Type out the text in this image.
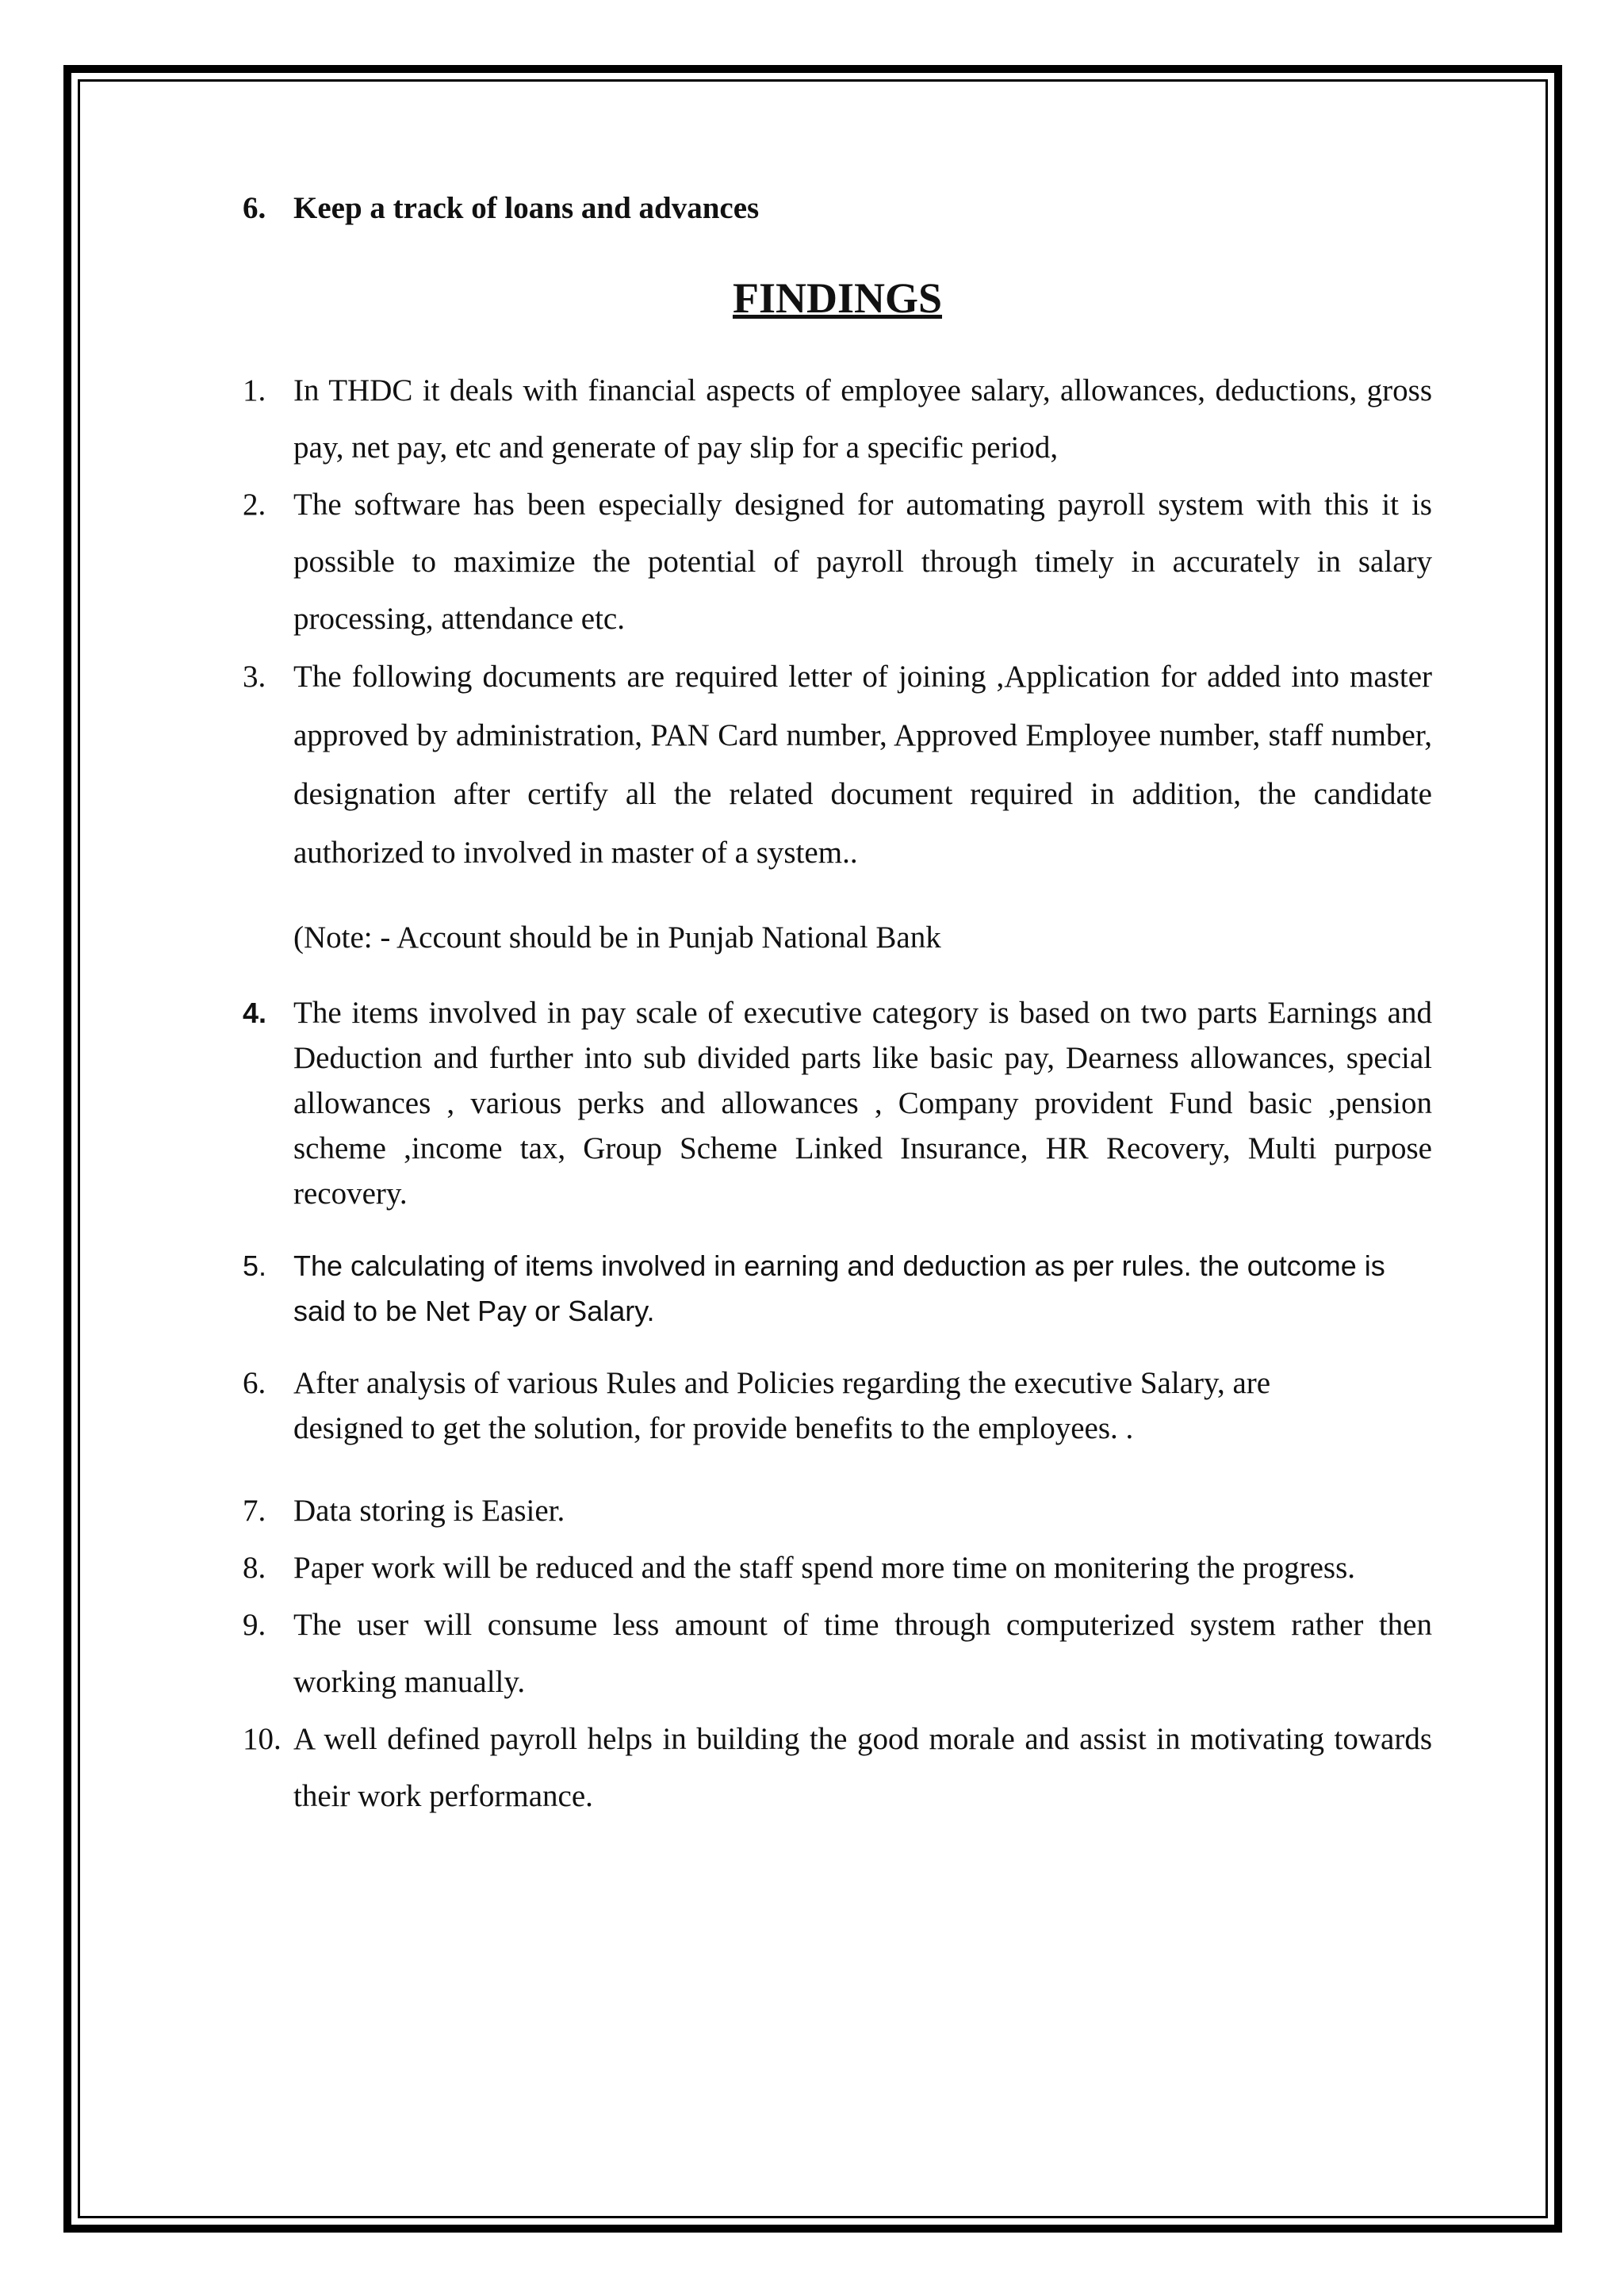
6. Keep a track of loans and advances
FINDINGS
1. In THDC it deals with financial aspects of employee salary, allowances, deductions, gross pay, net pay, etc and generate of pay slip for a specific period,
2. The software has been especially designed for automating payroll system with this it is possible to maximize the potential of payroll through timely in accurately in salary processing, attendance etc.
3. The following documents are required letter of joining ,Application for added into master approved by administration, PAN Card number, Approved Employee number, staff number, designation after certify all the related document required in addition, the candidate authorized to involved in master of a system..
(Note: - Account should be in Punjab National Bank
4. The items involved in pay scale of executive category is based on two parts Earnings and Deduction and further into sub divided parts like basic pay, Dearness allowances, special allowances , various perks and allowances , Company provident Fund basic ,pension scheme ,income tax, Group Scheme Linked Insurance, HR Recovery, Multi purpose recovery.
5. The calculating of items involved in earning and deduction as per rules. the outcome is said to be Net Pay or Salary.
6. After analysis of various Rules and Policies regarding the executive Salary, are designed to get the solution, for provide benefits to the employees. .
7. Data storing is Easier.
8. Paper work will be reduced and the staff spend more time on monitering the progress.
9. The user will consume less amount of time through computerized system rather then working manually.
10. A well defined payroll helps in building the good morale and assist in motivating towards their work performance.
